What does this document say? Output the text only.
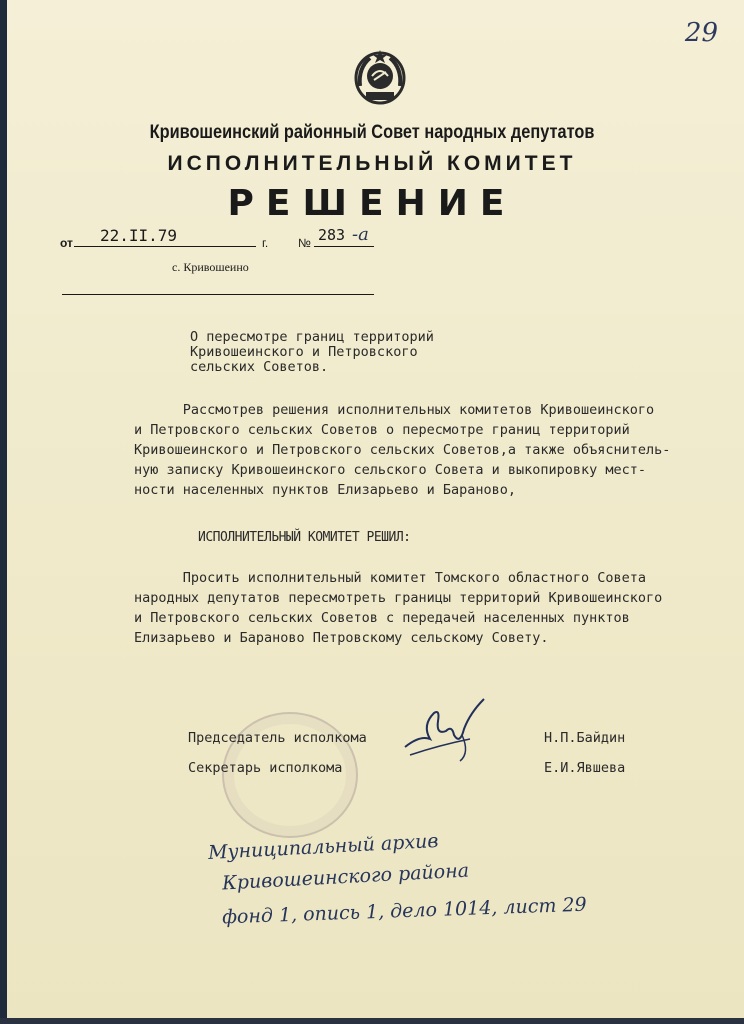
29
Кривошеинский районный Совет народных депутатов
ИСПОЛНИТЕЛЬНЫЙ КОМИТЕТ
РЕШЕНИЕ
от 22.II.79	г. № 283 -а
с. Кривошеино
О пересмотре границ территорий
Кривошеинского и Петровского
сельских Советов.
Рассмотрев решения исполнительных комитетов Кривошеинского
и Петровского сельских Советов о пересмотре границ территорий
Кривошеинского и Петровского сельских Советов,а также объяснитель-
ную записку Кривошеинского сельского Совета и выкопировку мест-
ности населенных пунктов Елизарьево и Бараново,
ИСПОЛНИТЕЛЬНЫЙ КОМИТЕТ РЕШИЛ:
Просить исполнительный комитет Томского областного Совета
народных депутатов пересмотреть границы территорий Кривошеинского
и Петровского сельских Советов с передачей населенных пунктов
Елизарьево и Бараново Петровскому сельскому Совету.
Председатель исполкома	Н.П.Байдин
Секретарь исполкома	Е.И.Явшева
Муниципальный архив
Кривошеинского района
фонд 1, опись 1, дело 1014, лист 29
